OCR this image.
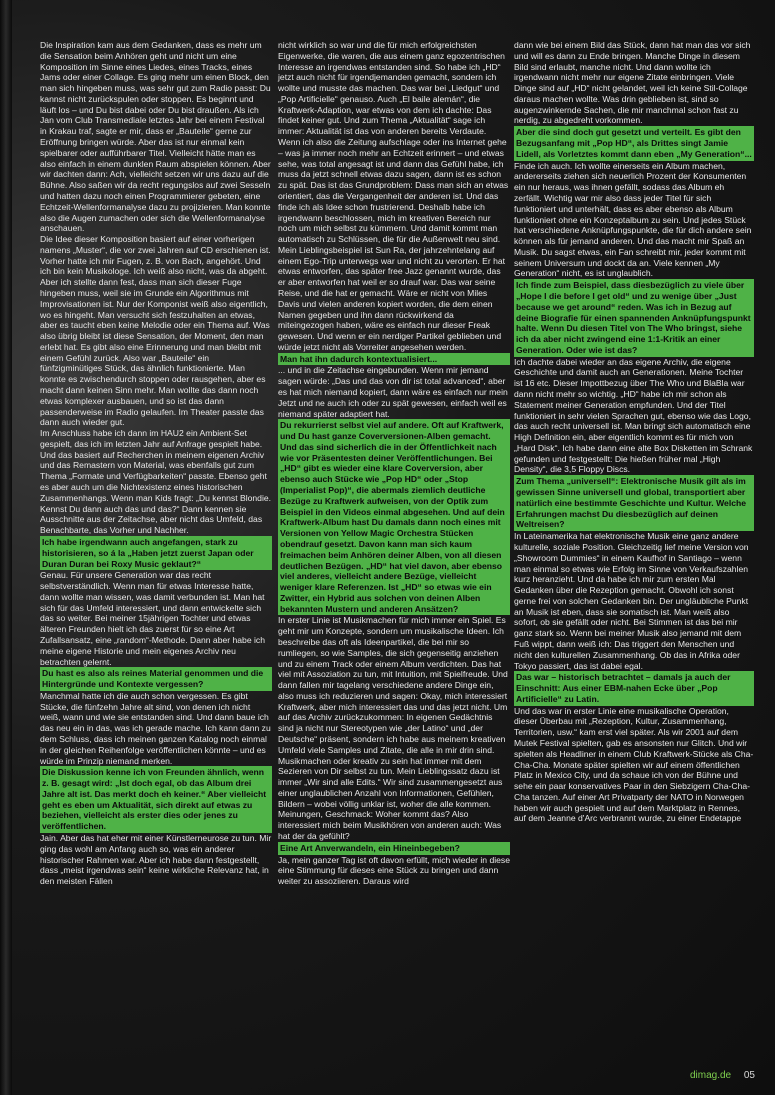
Die Inspiration kam aus dem Gedanken, dass es mehr um die Sensation beim Anhören geht und nicht um eine Komposition im Sinne eines Liedes, eines Tracks, eines Jams oder einer Collage. Es ging mehr um einen Block, den man sich hingeben muss, was sehr gut zum Radio passt: Du kannst nicht zurückspulen oder stoppen. Es beginnt und läuft los – und Du bist dabei oder Du bist draußen. Als ich Jan vom Club Transmediale letztes Jahr bei einem Festival in Krakau traf, sagte er mir, dass er „Bauteile“ gerne zur Eröffnung bringen würde. Aber das ist nur einmal kein spielbarer oder aufführbarer Titel. Vielleicht hätte man es also einfach in einem dunklen Raum abspielen können. Aber wir dachten dann: Ach, vielleicht setzen wir uns dazu auf die Bühne. Also saßen wir da recht regungslos auf zwei Sesseln und hatten dazu noch einen Programmierer gebeten, eine Echtzeit-Wellenformanalyse dazu zu projizieren. Man konnte also die Augen zumachen oder sich die Wellenformanalyse anschauen.

Die Idee dieser Komposition basiert auf einer vorherigen namens „Muster“, die vor zwei Jahren auf CD erschienen ist. Vorher hatte ich mir Fugen, z. B. von Bach, angehört. Und ich bin kein Musikologe. Ich weiß also nicht, was da abgeht. Aber ich stellte dann fest, dass man sich dieser Fuge hingeben muss, weil sie im Grunde ein Algorithmus mit Improvisationen ist. Nur der Komponist weiß also eigentlich, wo es hingeht. Man versucht sich festzuhalten an etwas, aber es taucht eben keine Melodie oder ein Thema auf. Was also übrig bleibt ist diese Sensation, der Moment, den man erlebt hat. Es gibt also eine Erinnerung und man bleibt mit einem Gefühl zurück. Also war „Bauteile“ ein fünfzigminütiges Stück, das ähnlich funktionierte. Man konnte es zwischendurch stoppen oder rausgehen, aber es macht dann keinen Sinn mehr. Man wollte das dann noch etwas komplexer ausbauen, und so ist das dann passenderweise im Radio gelaufen. Im Theater passte das dann auch wieder gut.

Im Anschluss habe ich dann im HAU2 ein Ambient-Set gespielt, das ich im letzten Jahr auf Anfrage gespielt habe. Und das basiert auf Recherchen in meinem eigenen Archiv und das Remastern von Material, was ebenfalls gut zum Thema „Formate und Verfügbarkeiten“ passte. Ebenso geht es aber auch um die Nichtexistenz eines historischen Zusammenhangs. Wenn man Kids fragt: „Du kennst Blondie. Kennst Du dann auch das und das?“ Dann kennen sie Ausschnitte aus der Zeitachse, aber nicht das Umfeld, das Benachbarte, das Vorher und Nachher.

Ich habe irgendwann auch angefangen, stark zu historisieren, so á la „Haben jetzt zuerst Japan oder Duran Duran bei Roxy Music geklaut?“

Genau. Für unsere Generation war das recht selbstverständlich. Wenn man für etwas Interesse hatte, dann wollte man wissen, was damit verbunden ist. Man hat sich für das Umfeld interessiert, und dann entwickelte sich das so weiter. Bei meiner 15jährigen Tochter und etwas älteren Freunden hielt ich das zuerst für so eine Art Zufallsansatz, eine „random“-Methode. Dann aber habe ich meine eigene Historie und mein eigenes Archiv neu betrachten gelernt.

Du hast es also als reines Material genommen und die Hintergründe und Kontexte vergessen?

Manchmal hatte ich die auch schon vergessen. Es gibt Stücke, die fünfzehn Jahre alt sind, von denen ich nicht weiß, wann und wie sie entstanden sind. Und dann baue ich das neu ein in das, was ich gerade mache. Ich kann dann zu dem Schluss, dass ich meinen ganzen Katalog noch einmal in der gleichen Reihenfolge veröffentlichen könnte – und es würde im Prinzip niemand merken.

Die Diskussion kenne ich von Freunden ähnlich, wenn z. B. gesagt wird: „Ist doch egal, ob das Album drei Jahre alt ist. Das merkt doch eh keiner.“ Aber vielleicht geht es eben um Aktualität, sich direkt auf etwas zu beziehen, vielleicht als erster dies oder jenes zu veröffentlichen.

Jain. Aber das hat eher mit einer Künstlerneurose zu tun. Mir ging das wohl am Anfang auch so, was ein anderer historischer Rahmen war. Aber ich habe dann festgestellt, dass „meist irgendwas sein“ keine wirkliche Relevanz hat, in den meisten Fällen

nicht wirklich so war und die für mich erfolgreichsten Eigenwerke, die waren, die aus einem ganz egozentrischen Interesse an irgendwas entstanden sind. So habe ich „HD“ jetzt auch nicht für irgendjemanden gemacht, sondern ich wollte und musste das machen. Das war bei „Liedgut“ und „Pop Artificielle“ genauso. Auch „El baile alemán“, die Kraftwerk-Adaption, war etwas von dem ich dachte: Das findet keiner gut. Und zum Thema „Aktualität“ sage ich immer: Aktualität ist das von anderen bereits Verdaute. Wenn ich also die Zeitung aufschlage oder ins Internet gehe – was ja immer noch mehr an Echtzeit erinnert – und etwas sehe, was total angesagt ist und dann das Gefühl habe, ich muss da jetzt schnell etwas dazu sagen, dann ist es schon zu spät. Das ist das Grundproblem: Dass man sich an etwas orientiert, das die Vergangenheit der anderen ist. Und das finde ich als Idee schon frustrierend. Deshalb habe ich irgendwann beschlossen, mich im kreativen Bereich nur noch um mich selbst zu kümmern. Und damit kommt man automatisch zu Schlüssen, die für die Außenwelt neu sind.

Mein Lieblingsbeispiel ist Sun Ra, der jahrzehntelang auf einem Ego-Trip unterwegs war und nicht zu verorten. Er hat etwas entworfen, das später free Jazz genannt wurde, das er aber entworfen hat weil er so drauf war. Das war seine Reise, und die hat er gemacht. Wäre er nicht von Miles Davis und vielen anderen kopiert worden, die dem einen Namen gegeben und ihn dann rückwirkend da miteingezogen haben, wäre es einfach nur dieser Freak gewesen. Und wenn er ein nerdiger Partikel geblieben und würde jetzt nicht als Vorreiter angesehen werden.

Man hat ihn dadurch kontextualisiert...

... und in die Zeitachse eingebunden. Wenn mir jemand sagen würde: „Das und das von dir ist total advanced“, aber es hat mich niemand kopiert, dann wäre es einfach nur mein Jetzt und ne auch ich oder zu spät gewesen, einfach weil es niemand später adaptiert hat.

Du rekurrierst selbst viel auf andere. Oft auf Kraftwerk, und Du hast ganze Coverversionen-Alben gemacht. Und das sind sicherlich die in der Öffentlichkeit nach wie vor Präsentesten deiner Veröffentlichungen. Bei „HD“ gibt es wieder eine klare Coverversion, aber ebenso auch Stücke wie „Pop HD“ oder „Stop (Imperialist Pop)“, die abermals ziemlich deutliche Bezüge zu Kraftwerk aufweisen, von der Optik zum Beispiel in den Videos einmal abgesehen. Und auf dein Kraftwerk-Album hast Du damals dann noch eines mit Versionen von Yellow Magic Orchestra Stücken obendrauf gesetzt. Davon kann man sich kaum freimachen beim Anhören deiner Alben, von all diesen deutlichen Bezügen. „HD“ hat viel davon, aber ebenso viel anderes, vielleicht andere Bezüge, vielleicht weniger klare Referenzen. Ist „HD“ so etwas wie ein Zwitter, ein Hybrid aus solchen von deinen Alben bekannten Mustern und anderen Ansätzen?

In erster Linie ist Musikmachen für mich immer ein Spiel. Es geht mir um Konzepte, sondern um musikalische Ideen. Ich beschreibe das oft als Ideenpartikel, die bei mir so rumliegen, so wie Samples, die sich gegenseitig anziehen und zu einem Track oder einem Album verdichten. Das hat viel mit Assoziation zu tun, mit Intuition, mit Spielfreude. Und dann fallen mir tagelang verschiedene andere Dinge ein, also muss ich reduzieren und sagen: Okay, mich interessiert Kraftwerk, aber mich interessiert das und das jetzt nicht. Um auf das Archiv zurückzukommen: In eigenen Gedächtnis sind ja nicht nur Stereotypen wie „der Latino“ und „der Deutsche“ präsent, sondern ich habe aus meinem kreativen Umfeld viele Samples und Zitate, die alle in mir drin sind. Musikmachen oder kreativ zu sein hat immer mit dem Sezieren von Dir selbst zu tun. Mein Lieblingssatz dazu ist immer „Wir sind alle Edits.“ Wir sind zusammengesetzt aus einer unglaublichen Anzahl von Informationen, Gefühlen, Bildern – wobei völlig unklar ist, woher die alle kommen. Meinungen, Geschmack: Woher kommt das? Also interessiert mich beim Musikhören von anderen auch: Was hat der da gefühlt?

Eine Art Anverwandeln, ein Hineinbegeben?

Ja, mein ganzer Tag ist oft davon erfüllt, mich wieder in diese eine Stimmung für dieses eine Stück zu bringen und dann weiter zu assoziieren. Daraus wird

dann wie bei einem Bild das Stück, dann hat man das vor sich und will es dann zu Ende bringen. Manche Dinge in diesem Bild sind erlaubt, manche nicht. Und dann wollte ich irgendwann nicht mehr nur eigene Zitate einbringen. Viele Dinge sind auf „HD“ nicht gelandet, weil ich keine Stil-Collage daraus machen wollte. Was drin geblieben ist, sind so augenzwinkernde Sachen, die mir manchmal schon fast zu nerdig, zu abgedreht vorkommen.

Aber die sind doch gut gesetzt und verteilt. Es gibt den Bezugsanfang mit „Pop HD“, als Drittes singt Jamie Lidell, als Vorletztes kommt dann eben „My Generation“...

Finde ich auch. Ich wollte einerseits ein Album machen, andererseits ziehen sich neuerlich Prozent der Konsumenten ein nur heraus, was ihnen gefällt, sodass das Album eh zerfällt. Wichtig war mir also dass jeder Titel für sich funktioniert und unterhält, dass es aber ebenso als Album funktioniert ohne ein Konzeptalbum zu sein. Und jedes Stück hat verschiedene Anknüpfungspunkte, die für dich andere sein können als für jemand anderen. Und das macht mir Spaß an Musik. Du sagst etwas, ein Fan schreibt mir, jeder kommt mit seinem Universum und dockt da an. Viele kennen „My Generation“ nicht, es ist unglaublich.

Ich finde zum Beispiel, dass diesbezüglich zu viele über „Hope I die before I get old“ und zu wenige über „Just because we get around“ reden. Was ich in Bezug auf deine Biografie für einen spannenden Anknüpfungspunkt halte. Wenn Du diesen Titel von The Who bringst, siehe ich da aber nicht zwingend eine 1:1-Kritik an einer Generation. Oder wie ist das?

Ich dachte dabei wieder an das eigene Archiv, die eigene Geschichte und damit auch an Generationen. Meine Tochter ist 16 etc. Dieser Impottbezug über The Who und BlaBla war dann nicht mehr so wichtig. „HD“ habe ich mir schon als Statement meiner Generation empfunden. Und der Titel funktioniert in sehr vielen Sprachen gut, ebenso wie das Logo, das auch recht universell ist. Man bringt sich automatisch eine High Definition ein, aber eigentlich kommt es für mich von „Hard Disk“. Ich habe dann eine alte Box Disketten im Schrank gefunden und festgestellt: Die hießen früher mal „High Density“, die 3,5 Floppy Discs.

Zum Thema „universell“: Elektronische Musik gilt als im gewissen Sinne universell und global, transportiert aber natürlich eine bestimmte Geschichte und Kultur. Welche Erfahrungen machst Du diesbezüglich auf deinen Weltreisen?

In Lateinamerika hat elektronische Musik eine ganz andere kulturelle, soziale Position. Gleichzeitig lief meine Version von „Showroom Dummies“ in einem Kaufhof in Santiago – wenn man einmal so etwas wie Erfolg im Sinne von Verkaufszahlen kurz heranzieht. Und da habe ich mir zum ersten Mal Gedanken über die Rezeption gemacht. Obwohl ich sonst gerne frei von solchen Gedanken bin. Der ungläubliche Punkt an Musik ist eben, dass sie somatisch ist. Man weiß also sofort, ob sie gefällt oder nicht. Bei Stimmen ist das bei mir ganz stark so. Wenn bei meiner Musik also jemand mit dem Fuß wippt, dann weiß ich: Das triggert den Menschen und nicht den kulturellen Zusammenhang. Ob das in Afrika oder Tokyo passiert, das ist dabei egal.

Das war – historisch betrachtet – damals ja auch der Einschnitt: Aus einer EBM-nahen Ecke über „Pop Artificielle“ zu Latin.

Und das war in erster Linie eine musikalische Operation, dieser Überbau mit „Rezeption, Kultur, Zusammenhang, Territorien, usw.“ kam erst viel später. Als wir 2001 auf dem Mutek Festival spielten, gab es ansonsten nur Glitch. Und wir spielten als Headliner in einem Club Kraftwerk-Stücke als Cha-Cha-Cha. Monate später spielten wir auf einem öffentlichen Platz in Mexico City, und da schaue ich von der Bühne und sehe ein paar konservatives Paar in den Siebzigern Cha-Cha-Cha tanzen. Auf einer Art Privatparty der NATO in Norwegen haben wir auch gespielt und auf dem Marktplatz in Rennes, auf dem Jeanne d'Arc verbrannt wurde, zu einer Endetappe

dimag.de 05
